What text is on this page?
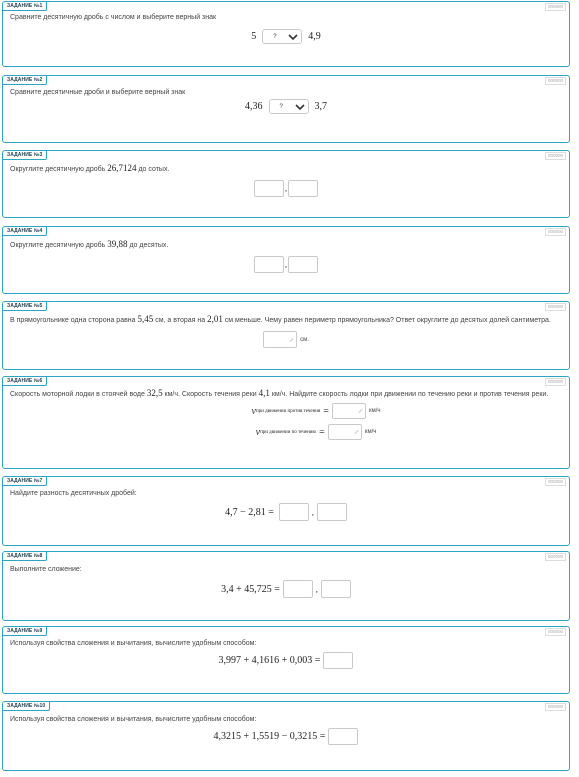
ЗАДАНИЕ №1	000000
Сравните десятичную дробь с числом и выберите верный знак
5	?	4,9
ЗАДАНИЕ №2	000000
Сравните десятичные дроби и выберите верный знак
4,36	?	3,7
ЗАДАНИЕ №3	000000
Округлите десятичную дробь 26,7124 до сотых.
,
ЗАДАНИЕ №4	000000
Округлите десятичную дробь 39,88 до десятых.
,
ЗАДАНИЕ №5	000000
В прямоугольнике одна сторона равна 5,45 см, а вторая на 2,01 см меньше. Чему равен периметр прямоугольника? Ответ округлите до десятых долей сантиметра.
см.
ЗАДАНИЕ №6	000000
Скорость моторной лодки в стоячей воде 32,5 км/ч. Скорость течения реки 4,1 км/ч. Найдите скорость лодки при движении по течению реки и против течения реки.
v при движении против течения =	км/ч
v при движении по течению =	км/ч
ЗАДАНИЕ №7	000000
Найдите разность десятичных дробей:
4,7 − 2,81 =	,
ЗАДАНИЕ №8	000000
Выполните сложение:
3,4 + 45,725 =	,
ЗАДАНИЕ №9	000000
Используя свойства сложения и вычитания, вычислите удобным способом:
3,997 + 4,1616 + 0,003 =
ЗАДАНИЕ №10	000000
Используя свойства сложения и вычитания, вычислите удобным способом:
4,3215 + 1,5519 − 0,3215 =
